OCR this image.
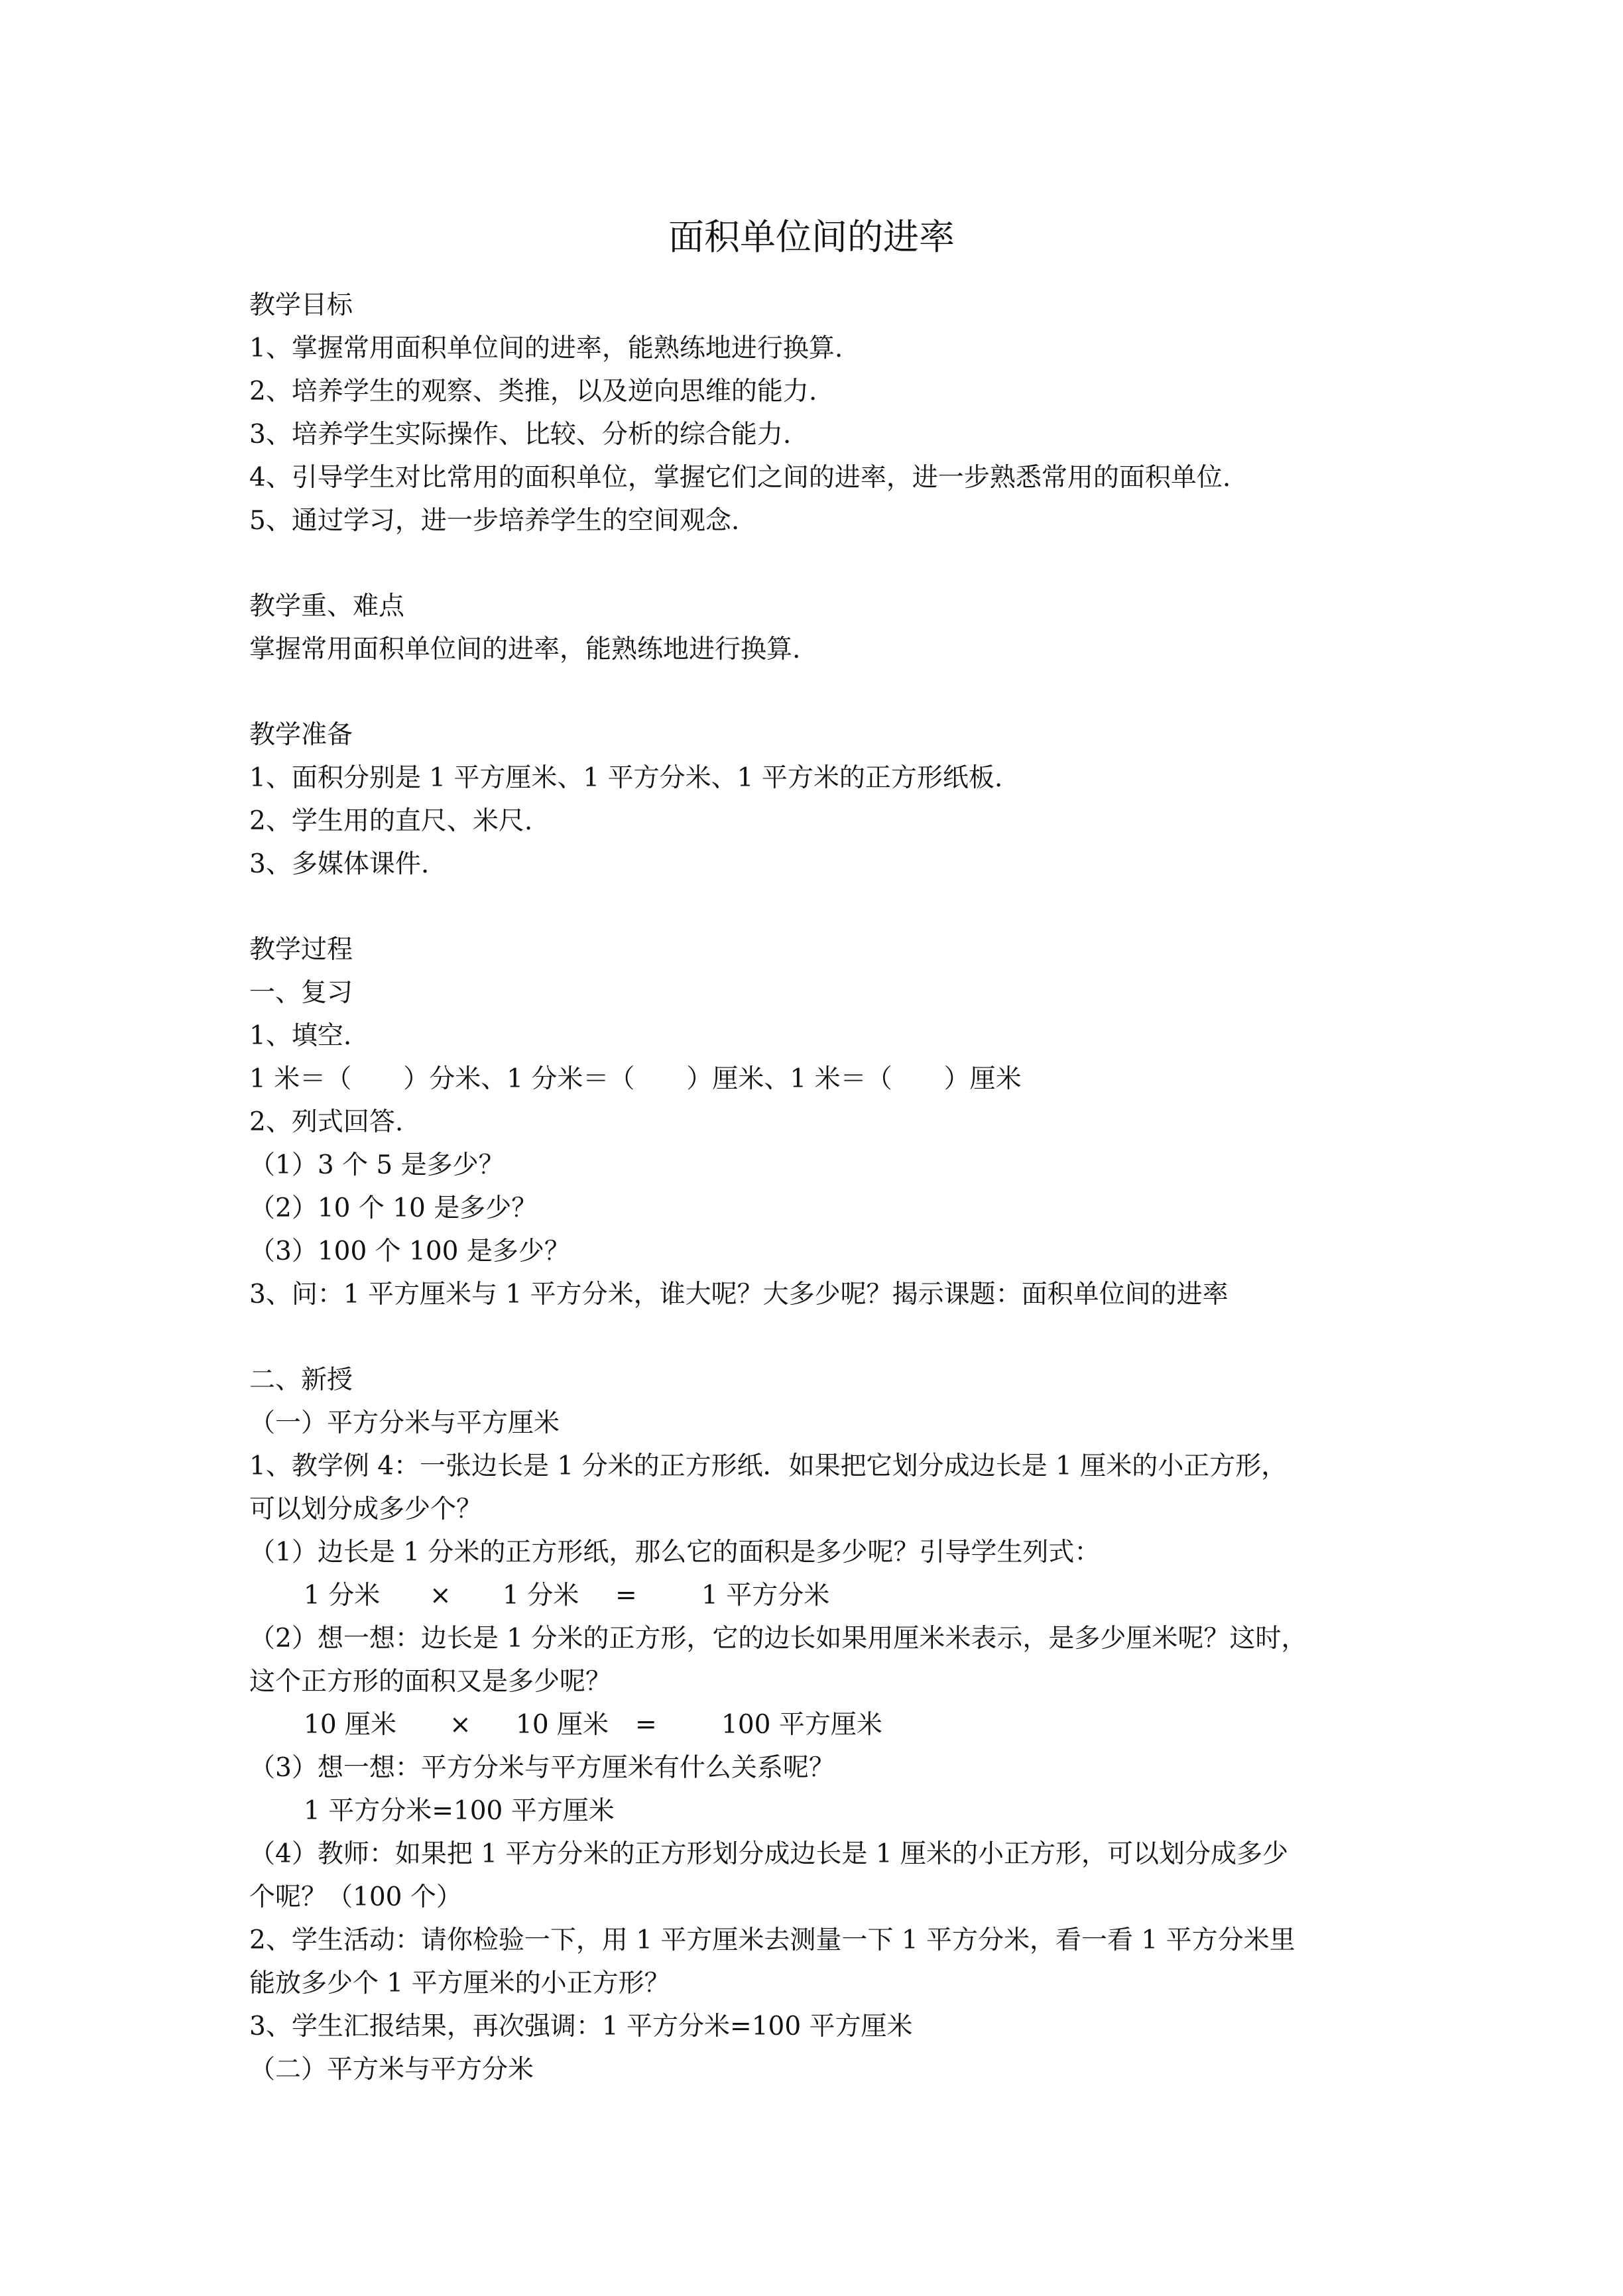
面积单位间的进率
教学目标
1、掌握常用面积单位间的进率，能熟练地进行换算.
2、培养学生的观察、类推，以及逆向思维的能力.
3、培养学生实际操作、比较、分析的综合能力.
4、引导学生对比常用的面积单位，掌握它们之间的进率，进一步熟悉常用的面积单位.
5、通过学习，进一步培养学生的空间观念.
教学重、难点
掌握常用面积单位间的进率，能熟练地进行换算.
教学准备
1、面积分别是 1 平方厘米、1 平方分米、1 平方米的正方形纸板.
2、学生用的直尺、米尺.
3、多媒体课件.
教学过程
一、复习
1、填空.
1 米＝（　　）分米、1 分米＝（　　）厘米、1 米＝（　　）厘米
2、列式回答.
（1）3 个 5 是多少？
（2）10 个 10 是多少？
（3）100 个 100 是多少？
3、问：1 平方厘米与 1 平方分米，谁大呢？大多少呢？揭示课题：面积单位间的进率
二、新授
（一）平方分米与平方厘米
1、教学例 4：一张边长是 1 分米的正方形纸．如果把它划分成边长是 1 厘米的小正方形，
可以划分成多少个？
（1）边长是 1 分米的正方形纸，那么它的面积是多少呢？引导学生列式：
1 分米 × 1 分米 = 1 平方分米
（2）想一想：边长是 1 分米的正方形，它的边长如果用厘米米表示，是多少厘米呢？这时，
这个正方形的面积又是多少呢？
10 厘米 × 10 厘米 = 100 平方厘米
（3）想一想：平方分米与平方厘米有什么关系呢？
1 平方分米=100 平方厘米
（4）教师：如果把 1 平方分米的正方形划分成边长是 1 厘米的小正方形，可以划分成多少
个呢？（100 个）
2、学生活动：请你检验一下，用 1 平方厘米去测量一下 1 平方分米，看一看 1 平方分米里
能放多少个 1 平方厘米的小正方形？
3、学生汇报结果，再次强调：1 平方分米=100 平方厘米
（二）平方米与平方分米
